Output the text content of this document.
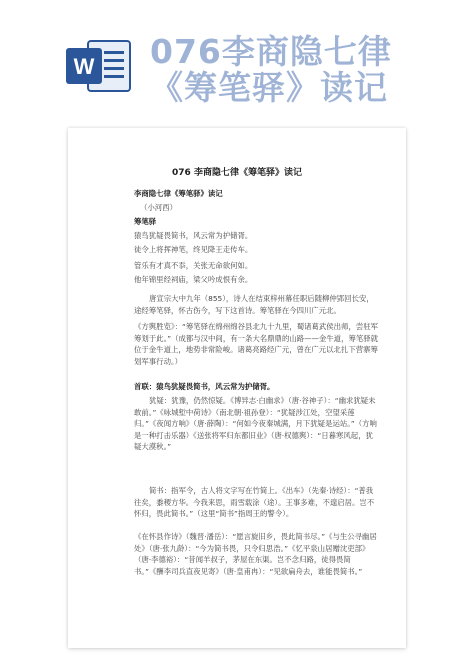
W 076李商隐七律
《筹笔驿》读记
076 李商隐七律《筹笔驿》读记
李商隐七律《筹笔驿》读记
（小河西）
筹笔驿
猿鸟犹疑畏简书，风云常为护储胥。
徒令上将挥神笔，终见降王走传车。
管乐有才真不忝，关张无命欲何如。
他年锦里经祠庙，梁父吟成恨有余。
唐宣宗大中九年（855），诗人在结束梓州幕任职后随柳仲郢回长安，途经筹笔驿，怀古伤今，写下这首诗。筹笔驿在今四川广元北。
《方舆胜览》：“筹笔驿在绵州绵谷县北九十九里，蜀诸葛武侯出师，尝驻军筹划于此。”（成都与汉中间，有一条大名鼎鼎的山路——金牛道，筹笔驿就位于金牛道上，地势非常险峻。诸葛亮路经广元，曾在广元以北扎下营寨筹划军事行动。）
首联：猿鸟犹疑畏简书，风云常为护储胥。
犹疑：犹豫，仍然惊疑。《博异志·白幽求》（唐·谷神子）：“幽求犹疑未敢前。”《咏城堑中荷诗》（南北朝·祖孙登）：“犹疑涉江处，空望采莲归。”《夜闻方响》（唐·薛陶）：“何如今夜秦城满，月下犹疑是运站。”（方响是一种打击乐器）《送张将军归东都旧业》（唐·权德舆）：“日暮寒风起，犹疑大漠秋。”
简书：指军令，古人将文字写在竹简上。《出车》（先秦·诗经）：“普我往矣，黍稷方华。今我来思，雨雪载涂（途）。王事多难，不遑启居。岂不怀归，畏此简书。”（这里“简书”指周王的警令）。
《在怀县作诗》（魏晋·潘岳）：“愿言旋旧乡，畏此简书尽。”《与生公寻幽居处》（唐·张九龄）：“今为简书畏，只令归思浩。”《忆平泉山居赠沈吏部》（唐·李德裕）：“昔闻羊叔子，茅屋在东渠。岂不念归路，徒得畏简书。”《酬李司兵直夜见寄》（唐·皇甫冉）：“见欲扁舟去，谁能畏简书。”
